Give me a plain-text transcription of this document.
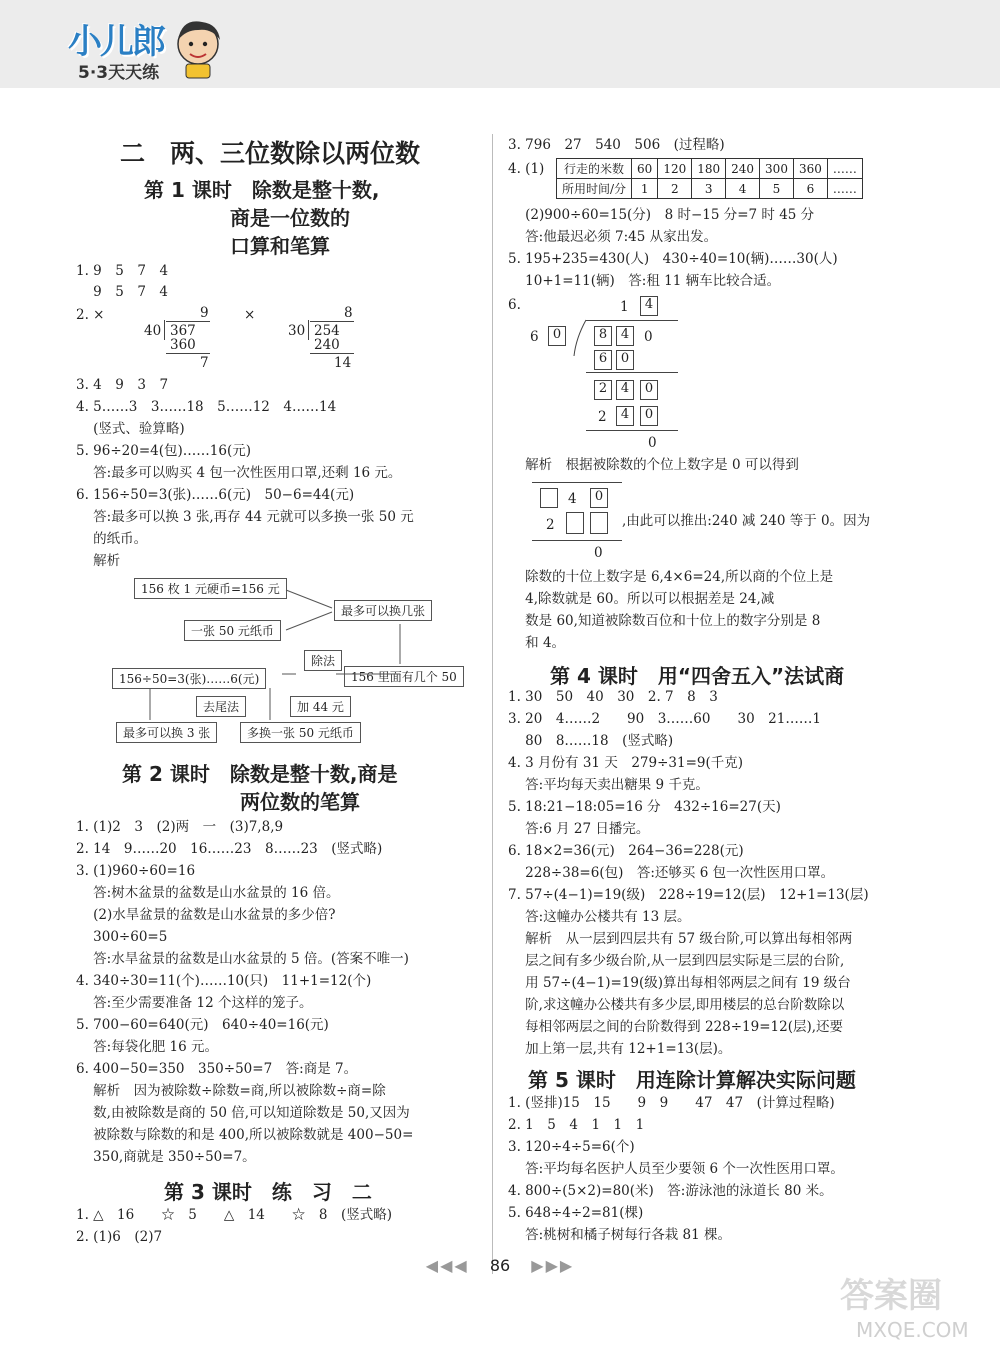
小儿郎
5·3天天练
二　两、三位数除以两位数
第 1 课时　除数是整十数,
商是一位数的
口算和笔算
1. 9　5　7　4
9　5　7　4
2. ×	9
40 367
360
7
×	8
30 254
240
14
3. 4　9　3　7
4. 5……3　3……18　5……12　4……14
(竖式、验算略)
5. 96÷20=4(包)……16(元)
答:最多可以购买 4 包一次性医用口罩,还剩 16 元。
6. 156÷50=3(张)……6(元)　50−6=44(元)
答:最多可以换 3 张,再存 44 元就可以多换一张 50 元
的纸币。
解析
156 枚 1 元硬币=156 元
最多可以换几张
一张 50 元纸币
除法
156÷50=3(张)……6(元)	156 里面有几个 50
去尾法	加 44 元
最多可以换 3 张	多换一张 50 元纸币
第 2 课时　除数是整十数,商是
两位数的笔算
1. (1)2　3　(2)两　一　(3)7,8,9
2. 14　9……20　16……23　8……23　(竖式略)
3. (1)960÷60=16
答:树木盆景的盆数是山水盆景的 16 倍。
(2)水旱盆景的盆数是山水盆景的多少倍?
300÷60=5
答:水旱盆景的盆数是山水盆景的 5 倍。(答案不唯一)
4. 340÷30=11(个)……10(只)　11+1=12(个)
答:至少需要准备 12 个这样的笼子。
5. 700−60=640(元)　640÷40=16(元)
答:每袋化肥 16 元。
6. 400−50=350　350÷50=7　答:商是 7。
解析　因为被除数÷除数=商,所以被除数÷商=除
数,由被除数是商的 50 倍,可以知道除数是 50,又因为
被除数与除数的和是 400,所以被除数就是 400−50=
350,商就是 350÷50=7。
第 3 课时　练　习　二
1. △　16　　☆　5　　△　14　　☆　8　(竖式略)
2. (1)6　(2)7
3. 796　27　540　506　(过程略)
4. (1) 行走的米数	60	120	180	240	300	360	……
所用时间/分	1	2	3	4	5	6	……
(2)900÷60=15(分)　8 时−15 分=7 时 45 分
答:他最迟必须 7:45 从家出发。
5. 195+235=430(人)　430÷40=10(辆)……30(人)
10+1=11(辆)　答:租 11 辆车比较合适。
6.	1	4
6	0	8	4	0
6	0
2	4	0
2	4	0
0
解析　根据被除数的个位上数字是 0 可以得到
4	0
2
0
,由此可以推出:240 减 240 等于 0。因为
除数的十位上数字是 6,4×6=24,所以商的个位上是
4,除数就是 60。所以可以根据差是 24,减
数是 60,知道被除数百位和十位上的数字分别是 8
和 4。
第 4 课时　用“四舍五入”法试商
1. 30　50　40　30　2. 7　8　3
3. 20　4……2　　90　3……60　　30　21……1
80　8……18　(竖式略)
4. 3 月份有 31 天　279÷31=9(千克)
答:平均每天卖出糖果 9 千克。
5. 18:21−18:05=16 分　432÷16=27(天)
答:6 月 27 日播完。
6. 18×2=36(元)　264−36=228(元)
228÷38=6(包)　答:还够买 6 包一次性医用口罩。
7. 57÷(4−1)=19(级)　228÷19=12(层)　12+1=13(层)
答:这幢办公楼共有 13 层。
解析　从一层到四层共有 57 级台阶,可以算出每相邻两
层之间有多少级台阶,从一层到四层实际是三层的台阶,
用 57÷(4−1)=19(级)算出每相邻两层之间有 19 级台
阶,求这幢办公楼共有多少层,即用楼层的总台阶数除以
每相邻两层之间的台阶数得到 228÷19=12(层),还要
加上第一层,共有 12+1=13(层)。
第 5 课时　用连除计算解决实际问题
1. (竖排)15　15　　9　9　　47　47　(计算过程略)
2. 1　5　4　1　1　1
3. 120÷4÷5=6(个)
答:平均每名医护人员至少要领 6 个一次性医用口罩。
4. 800÷(5×2)=80(米)　答:游泳池的泳道长 80 米。
5. 648÷4÷2=81(棵)
答:桃树和橘子树每行各栽 81 棵。
◀◀◀ 86 ▶▶▶
答案圈
MXQE.COM
